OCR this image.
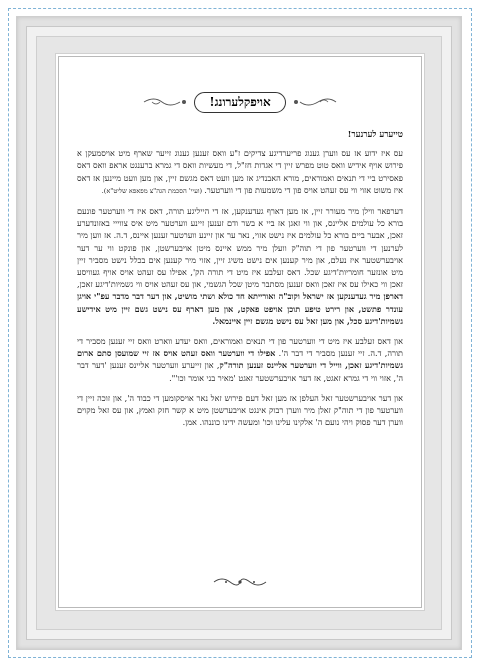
אויפקלערונג!

טייערע לערנער!

עס איז ידוע אז עס ווערן גענוג פריערדיגע צדיקים ז"ע וואס זענען גענוג זייער שארף מיט אויסמעקן א פירוש אויף אידיש וואס טוט מפרש זיין די אגדות חז"ל, די מעשיות וואס די גמרא ברענגט אראפ וואס דאס פאסירט ביי די תנאים ואמוראים, מורא האבנדיג אז מען וועט דאס מגשם זיין, און מען וועט מיינען אז דאס איז משוט אזוי ווי עס זעהט אויס פון די משמעות פון די ווערטער. (ועיי' הסכמת הגה"צ מפאפא שליט"א).

דערפאר ווילן מיר מעורר זיין, אז מען דארף געדענקען, אז די הייליגע תורה, דאס איז די ווערטער פונעם בורא כל עולמים אליינס, און ווי זאגן אז ביי א בשר ודם זענען זיינע ווערטער מיט איס צווייי באזונדערע זאכן, אבער ביים בורא כל עולמים איז נישט אזוי, נאר ער און זיינע ווערטער זענען איינס, ד.ה. אז ווען מיר לערנען די ווערטער פון די תוה"ק וועלן מיר ממש איינס מיטן אויבערשטן, און פונקט ווי ער דער אויבערשטער איז נעלם, און מיר קענען אים נישט משיג זיין, אזוי מיר קענען אים בכלל נישט מסביר זיין מיט אונזער חומריות'דיגע שכל. דאס זעלבע איז מיט די תורה הק', אפילו עס זעהט אויס אויף געוויסע זאכן ווי כאילו עס איז זאכן וואס זענען מסתבר מיטן שכל הגשמי, און עס זעהט אויס ווי גשמיות'דיגע זאכן, דארפן מיר געדענקען אז ישראל וקוב"ה ואורייתא חד כולא ושתי מושיט, און דער דבר מדבר עפ"י אויגן עונדר פתשט, און רירט טיפע תוכן אויפט פאקט, און מען דארף עס נישט גשם זיין מיט אידישע גשמיות'דיגע סכל, און מען זאל עס נישט מגשם זיין איינמאל.

און דאס זעלבע איז מיט די ווערטער פון די תנאים ואמוראים, וואס יעדע ווארט וואס זיי זענען מסביר די תורה, ד.ה. זיי זענען מסביר די דבר ה'. אפילו די ווערטער וואס זעהט אויס אז זיי שמועסן סתם ארום גשמיות'דיגע זאכן, ווייל די ווערטער אליינס זענען תורה"ק, און זייערע ווערטער אליינס זענען 'דער דבר ה', אזוי ווי די גמרא זאגט, אז דער אויבערשטער זאגט 'מאיר בני אומר וכו'".

און דער אויבערשטער זאל העלפן אז מען זאל דעם פירוש זאל נאר אויסקומען די כבוד ה', און זוכה זיין די ווערטער פון די תוה"ק זאלן מיר ווערן רבוק אינגט אויבערשטן מיט א קשר חזק ואמץ, און עס זאל מקוים ווערן דער פסוק ויהי נועם ה' אלקינו עלינו וכו' ומעשה ידינו כוננהו. אמן.
